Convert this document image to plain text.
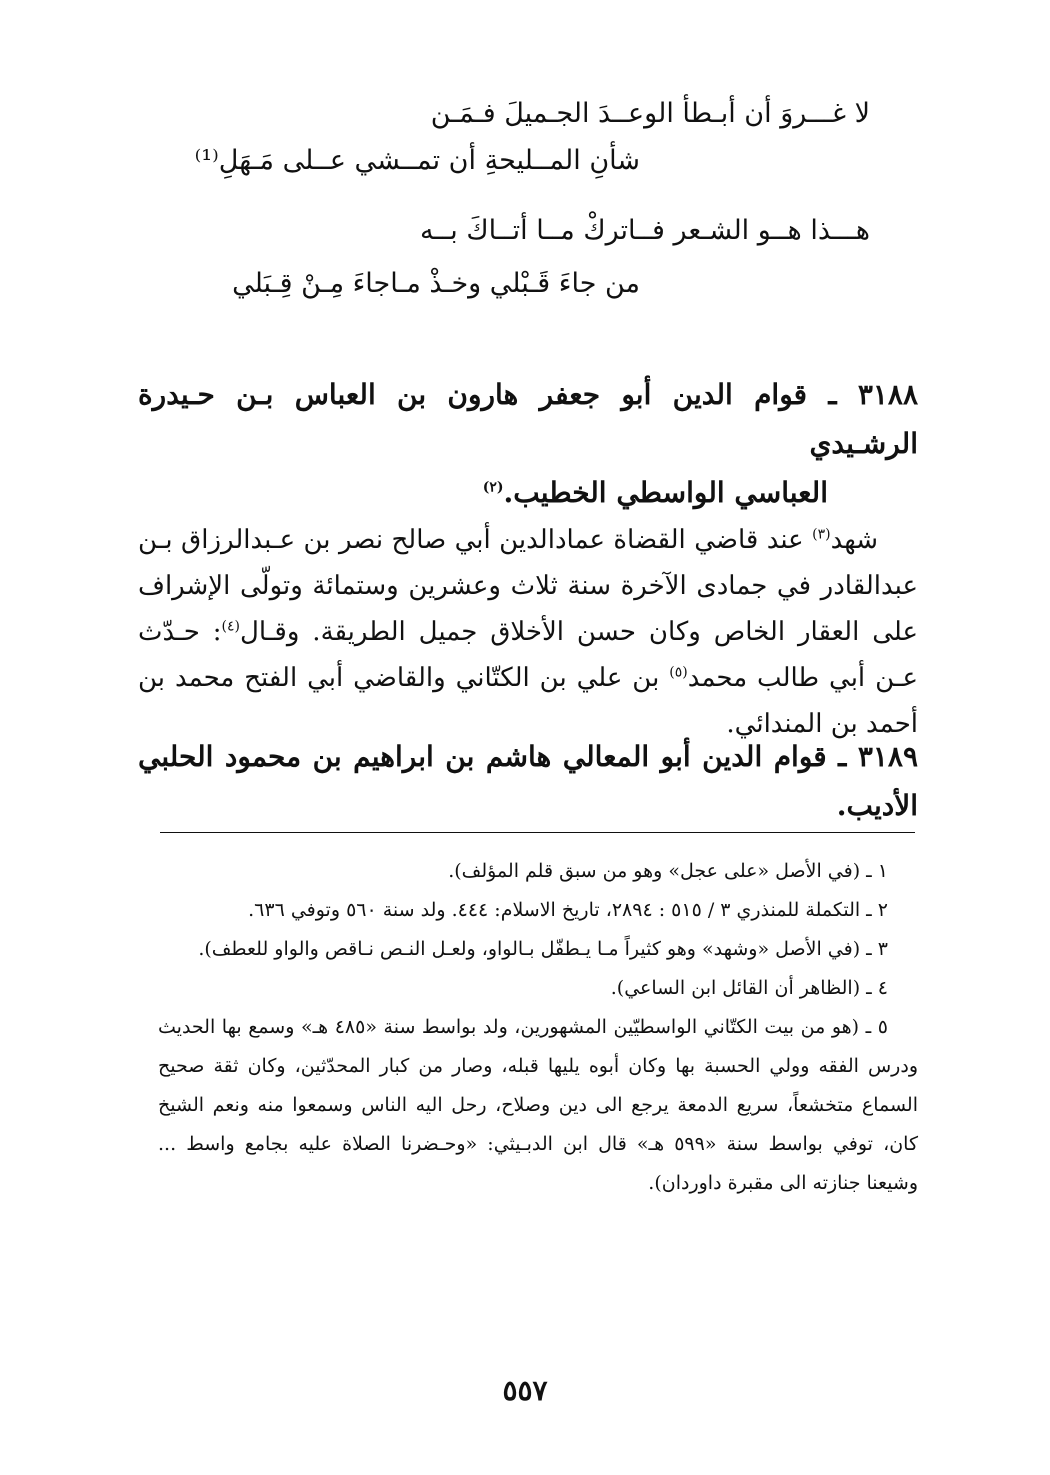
لا غـــروَ أن أبـطأ الوعــدَ الجـميلَ فـمَـن
شأنِ المــليحةِ أن تمــشي عــلى مَـهَلِ⁽¹⁾
هـــذا هــو الشـعر فــاتركْ مــا أتــاكَ بــه
من جاءَ قَـبْلي وخـذْ مـاجاءَ مِـنْ قِـبَلي

٣١٨٨ ـ قوام الدين أبو جعفر هارون بن العباس بـن حـيدرة الرشـيدي
العباسي الواسطي الخطيب.$^{(٢)}$

شهد$^{(٣)}$ عند قاضي القضاة عمادالدين أبي صالح نصر بن عـبدالرزاق بـن عبدالقادر في جمادى الآخرة سنة ثلاث وعشرين وستمائة وتولّى الإشراف على العقار الخاص وكان حسن الأخلاق جميل الطريقة. وقـال$^{(٤)}$: حـدّث عـن أبي طالب محمد$^{(٥)}$ بن علي بن الكتّاني والقاضي أبي الفتح محمد بن أحمد بن المندائي.

٣١٨٩ ـ قوام الدين أبو المعالي هاشم بن ابراهيم بن محمود الحلبي الأديب.

١ ـ (في الأصل «على عجل» وهو من سبق قلم المؤلف).

٢ ـ التكملة للمنذري ٣ / ٥١٥ : ٢٨٩٤، تاريخ الاسلام: ٤٤٤. ولد سنة ٥٦٠ وتوفي ٦٣٦.

٣ ـ (في الأصل «وشهد» وهو كثيراً مـا يـطفّل بـالواو، ولعـل النـص نـاقص والواو للعطف).

٤ ـ (الظاهر أن القائل ابن الساعي).

٥ ـ (هو من بيت الكتّاني الواسطيّين المشهورين، ولد بواسط سنة «٤٨٥ هـ» وسمع بها الحديث ودرس الفقه وولي الحسبة بها وكان أبوه يليها قبله، وصار من كبار المحدّثين، وكان ثقة صحيح السماع متخشعاً، سريع الدمعة يرجع الى دين وصلاح، رحل اليه الناس وسمعوا منه ونعم الشيخ كان، توفي بواسط سنة «٥٩٩ هـ» قال ابن الدبـيثي: «وحـضرنا الصلاة عليه بجامع واسط ... وشيعنا جنازته الى مقبرة داوردان).

٥٥٧
